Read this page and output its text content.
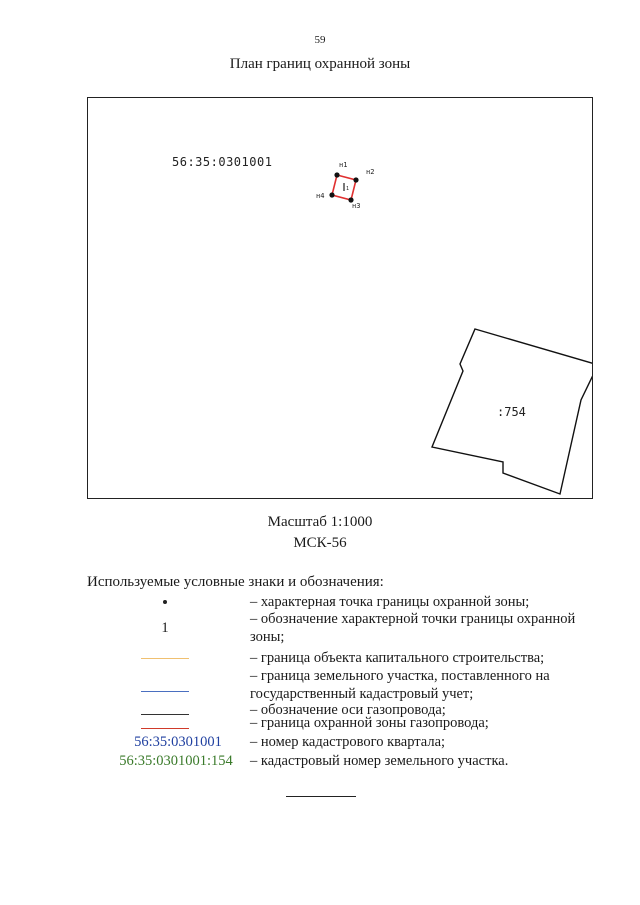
59
План границ охранной зоны
56:35:0301001
1
н1
н2
н3
н4
:754
Масштаб 1:1000
МСК-56
Используемые условные знаки и обозначения:
– характерная точка границы охранной зоны;
1
– обозначение характерной точки границы охранной зоны;
– граница объекта капитального строительства;
– граница земельного участка, поставленного на государственный кадастровый учет;
– обозначение оси газопровода;
– граница охранной зоны газопровода;
56:35:0301001	– номер кадастрового квартала;
56:35:0301001:154	– кадастровый номер земельного участка.
